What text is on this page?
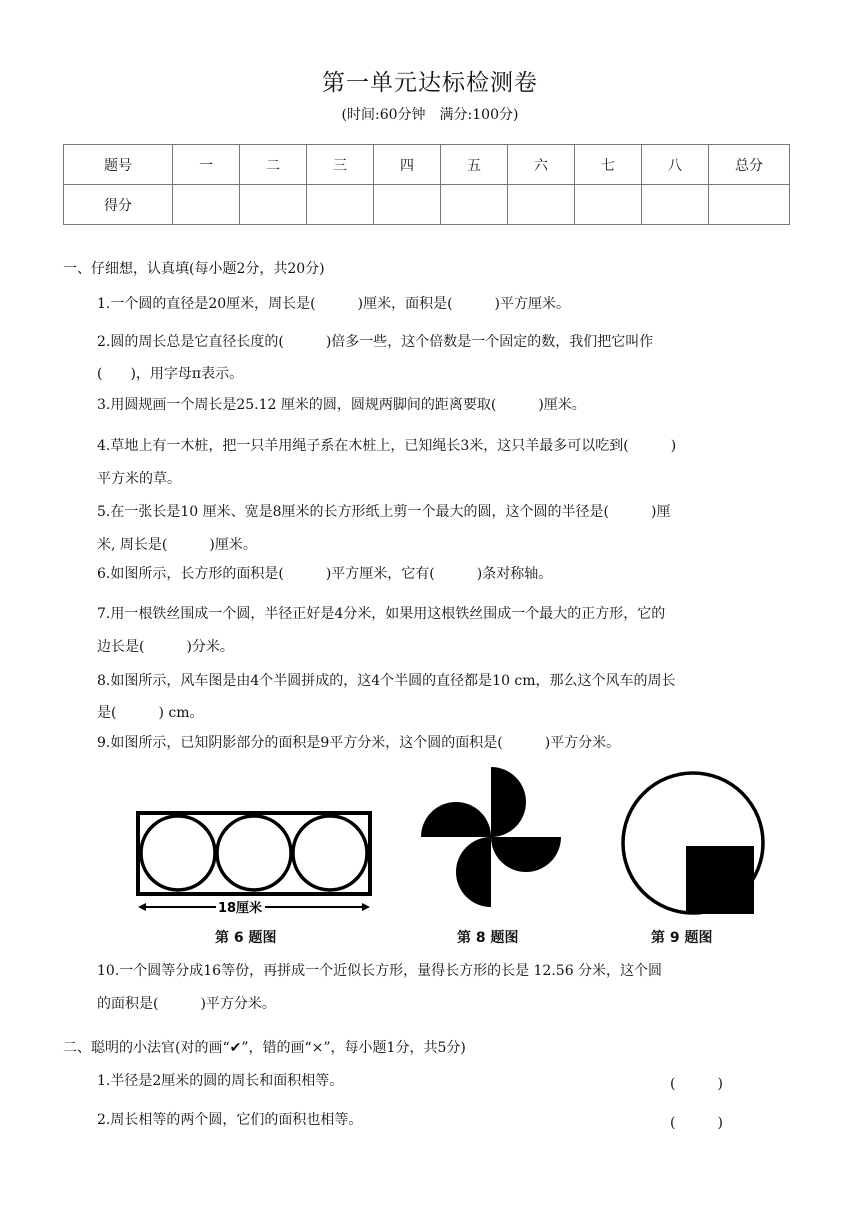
第一单元达标检测卷
(时间:60分钟　满分:100分)
题号	一	二	三	四	五	六	七	八	总分
得分									
一、仔细想，认真填(每小题2分，共20分)
1.一个圆的直径是20厘米，周长是(　　　)厘米，面积是(　　　)平方厘米。
2.圆的周长总是它直径长度的(　　　)倍多一些，这个倍数是一个固定的数，我们把它叫作
(　　)，用字母π表示。
3.用圆规画一个周长是25.12 厘米的圆，圆规两脚间的距离要取(　　　)厘米。
4.草地上有一木桩，把一只羊用绳子系在木桩上，已知绳长3米，这只羊最多可以吃到(　　　)
平方米的草。
5.在一张长是10 厘米、宽是8厘米的长方形纸上剪一个最大的圆，这个圆的半径是(　　　)厘
米, 周长是(　　　)厘米。
6.如图所示，长方形的面积是(　　　)平方厘米，它有(　　　)条对称轴。
7.用一根铁丝围成一个圆，半径正好是4分米，如果用这根铁丝围成一个最大的正方形，它的
边长是(　　　)分米。
8.如图所示，风车图是由4个半圆拼成的，这4个半圆的直径都是10 cm，那么这个风车的周长
是(　　　) cm。
9.如图所示，已知阴影部分的面积是9平方分米，这个圆的面积是(　　　)平方分米。
18厘米
第 6 题图	第 8 题图	第 9 题图
10.一个圆等分成16等份，再拼成一个近似长方形，量得长方形的长是 12.56 分米，这个圆
的面积是(　　　)平方分米。
二、聪明的小法官(对的画“✔”，错的画“×”，每小题1分，共5分)
1.半径是2厘米的圆的周长和面积相等。	(　　　)
2.周长相等的两个圆，它们的面积也相等。	(　　　)
